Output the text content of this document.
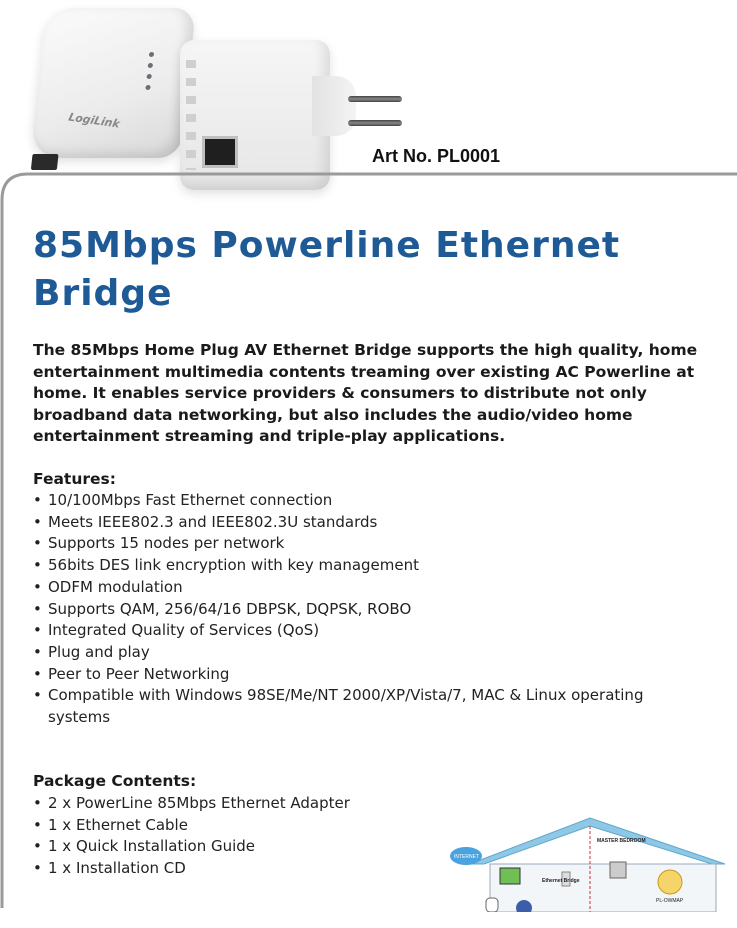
LogiLink
Art No. PL0001
85Mbps Powerline Ethernet Bridge

The 85Mbps Home Plug AV Ethernet Bridge supports the high quality, home entertainment multimedia contents treaming over existing AC Powerline at home. It enables service providers & consumers to distribute not only broadband data networking, but also includes the audio/video home entertainment streaming and triple-play applications.

Features:
• 10/100Mbps Fast Ethernet connection
• Meets IEEE802.3 and IEEE802.3U standards
• Supports 15 nodes per network
• 56bits DES link encryption with key management
• ODFM modulation
• Supports QAM, 256/64/16 DBPSK, DQPSK, ROBO
• Integrated Quality of Services (QoS)
• Plug and play
• Peer to Peer Networking
• Compatible with Windows 98SE/Me/NT 2000/XP/Vista/7, MAC & Linux operating systems
Package Contents:
• 2 x PowerLine 85Mbps Ethernet Adapter
• 1 x Ethernet Cable
• 1 x Quick Installation Guide
• 1 x Installation CD
INTERNET
Ethernet Bridge
MASTER BEDROOM
PL-OWMAP
